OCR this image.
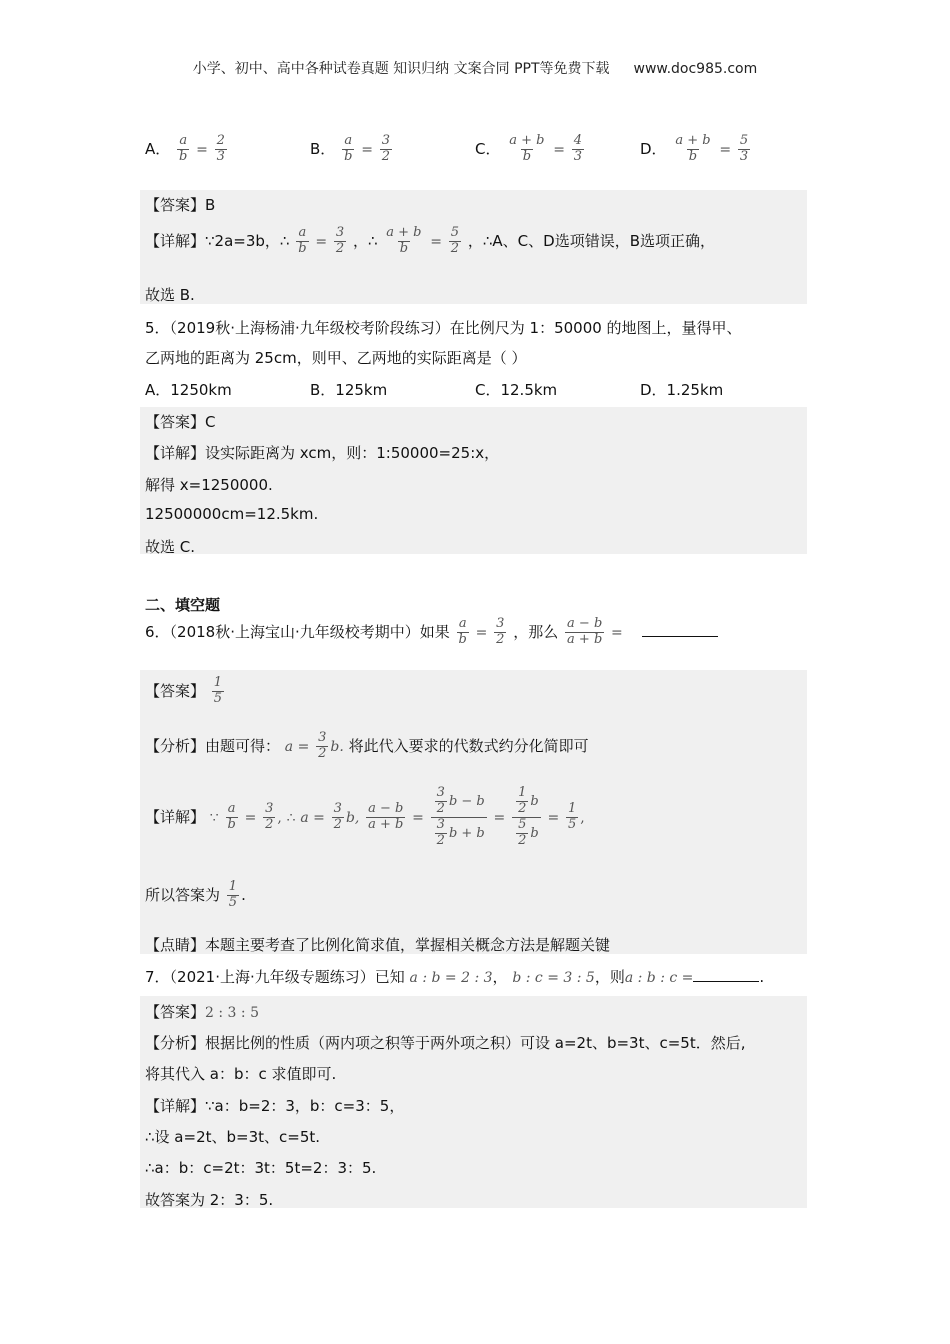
小学、初中、高中各种试卷真题 知识归纳 文案合同 PPT等免费下载 www.doc985.com
A． $\frac{a}{b} = \frac{2}{3}$	B． $\frac{a}{b} = \frac{3}{2}$	C． $\frac{a + b}{b} = \frac{4}{3}$	D． $\frac{a + b}{b} = \frac{5}{3}$
【答案】B
【详解】∵2a=3b，∴ $\frac{a}{b} = \frac{3}{2}$ ，∴ $\frac{a + b}{b} = \frac{5}{2}$ ，∴A、C、D选项错误，B选项正确，
故选 B.
5．（2019秋·上海杨浦·九年级校考阶段练习）在比例尺为 1：50000 的地图上，量得甲、
乙两地的距离为 25cm，则甲、乙两地的实际距离是（ ）
A．1250km	B．125km	C．12.5km	D．1.25km
【答案】C
【详解】设实际距离为 xcm，则：1:50000=25:x，
解得 x=1250000.
12500000cm=12.5km.
故选 C.
二、填空题
6．（2018秋·上海宝山·九年级校考期中）如果 $\frac{a}{b} = \frac{3}{2}$ ，那么 $\frac{a - b}{a + b}$ =
【答案】 $\frac{1}{5}$
【分析】由题可得： $a = \frac{3}{2} b$. 将此代入要求的代数式约分化简即可
【详解】 ∵ $\frac{a}{b} = \frac{3}{2}$ , ∴ $a = \frac{3}{2} b$, $\frac{a - b}{a + b} = \frac{\frac{3}{2} b - b}{\frac{3}{2} b + b} = \frac{\frac{1}{2} b}{\frac{5}{2} b} = \frac{1}{5}$ ,
所以答案为 $\frac{1}{5}$ .
【点睛】本题主要考查了比例化简求值，掌握相关概念方法是解题关键
7．（2021·上海·九年级专题练习）已知 a : b = 2 : 3， b : c = 3 : 5，则a : b : c =	.
【答案】2 : 3 : 5
【分析】根据比例的性质（两内项之积等于两外项之积）可设 a=2t、b=3t、c=5t．然后,
将其代入 a：b：c 求值即可.
【详解】∵a：b=2：3，b：c=3：5，
∴设 a=2t、b=3t、c=5t.
∴a：b：c=2t：3t：5t=2：3：5.
故答案为 2：3：5.
